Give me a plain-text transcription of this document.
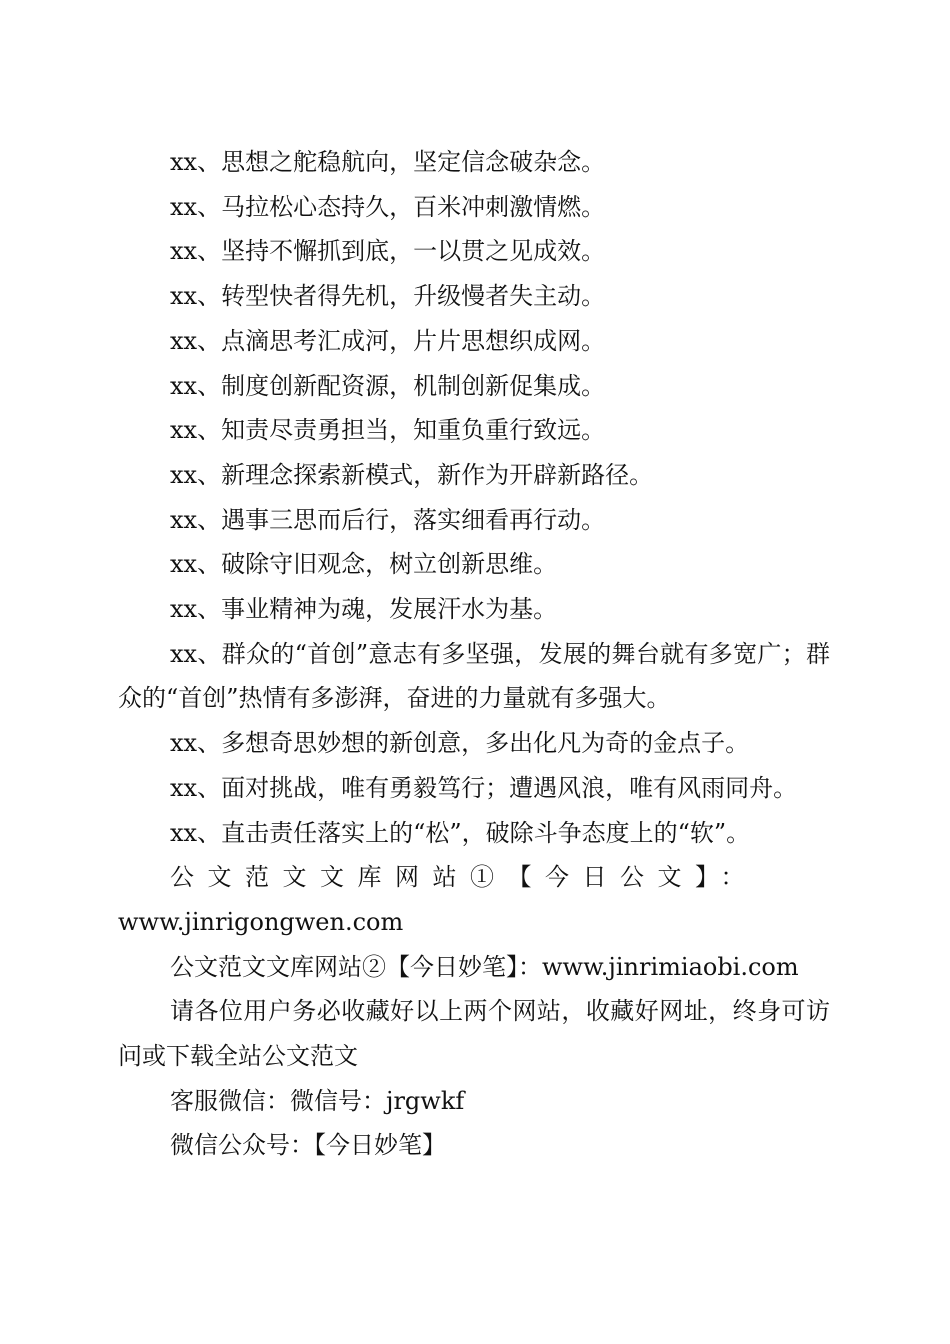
xx、思想之舵稳航向，坚定信念破杂念。

xx、马拉松心态持久，百米冲刺激情燃。

xx、坚持不懈抓到底，一以贯之见成效。

xx、转型快者得先机，升级慢者失主动。

xx、点滴思考汇成河，片片思想织成网。

xx、制度创新配资源，机制创新促集成。

xx、知责尽责勇担当，知重负重行致远。

xx、新理念探索新模式，新作为开辟新路径。

xx、遇事三思而后行，落实细看再行动。

xx、破除守旧观念，树立创新思维。

xx、事业精神为魂，发展汗水为基。

xx、群众的“首创”意志有多坚强，发展的舞台就有多宽广；群众的“首创”热情有多澎湃，奋进的力量就有多强大。

xx、多想奇思妙想的新创意，多出化凡为奇的金点子。

xx、面对挑战，唯有勇毅笃行；遭遇风浪，唯有风雨同舟。

xx、直击责任落实上的“松”，破除斗争态度上的“软”。

公文范文文库网站①【今日公文】：
www.jinrigongwen.com

公文范文文库网站②【今日妙笔】：www.jinrimiaobi.com

请各位用户务必收藏好以上两个网站，收藏好网址，终身可访问或下载全站公文范文

客服微信：微信号：jrgwkf

微信公众号：【今日妙笔】
